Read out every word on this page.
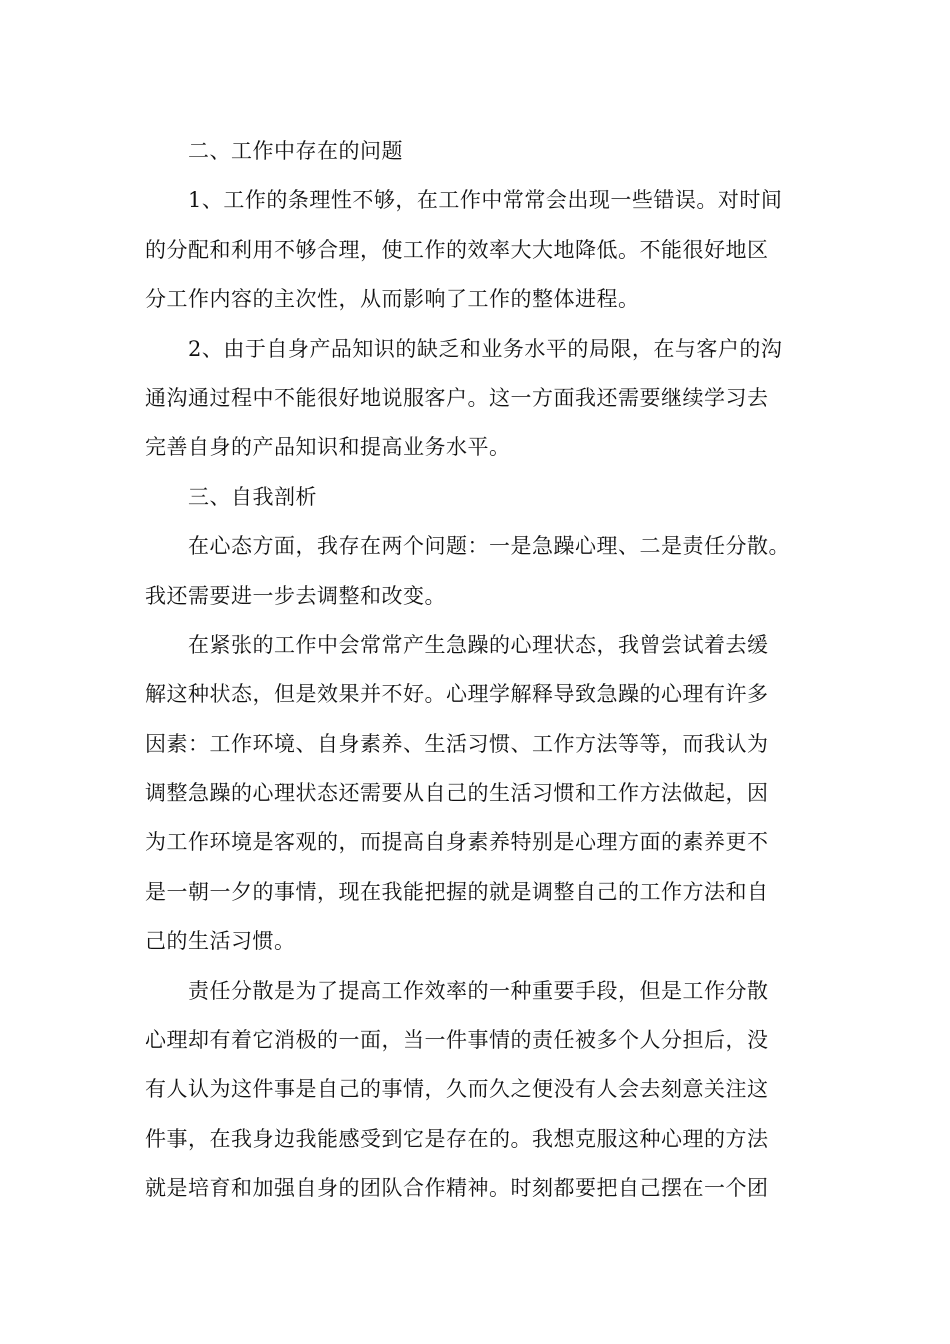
二、工作中存在的问题
1、工作的条理性不够，在工作中常常会出现一些错误。对时间
的分配和利用不够合理，使工作的效率大大地降低。不能很好地区
分工作内容的主次性，从而影响了工作的整体进程。
2、由于自身产品知识的缺乏和业务水平的局限，在与客户的沟
通沟通过程中不能很好地说服客户。这一方面我还需要继续学习去
完善自身的产品知识和提高业务水平。
三、自我剖析
在心态方面，我存在两个问题：一是急躁心理、二是责任分散。
我还需要进一步去调整和改变。
在紧张的工作中会常常产生急躁的心理状态，我曾尝试着去缓
解这种状态，但是效果并不好。心理学解释导致急躁的心理有许多
因素：工作环境、自身素养、生活习惯、工作方法等等，而我认为
调整急躁的心理状态还需要从自己的生活习惯和工作方法做起，因
为工作环境是客观的，而提高自身素养特别是心理方面的素养更不
是一朝一夕的事情，现在我能把握的就是调整自己的工作方法和自
己的生活习惯。
责任分散是为了提高工作效率的一种重要手段，但是工作分散
心理却有着它消极的一面，当一件事情的责任被多个人分担后，没
有人认为这件事是自己的事情，久而久之便没有人会去刻意关注这
件事，在我身边我能感受到它是存在的。我想克服这种心理的方法
就是培育和加强自身的团队合作精神。时刻都要把自己摆在一个团
